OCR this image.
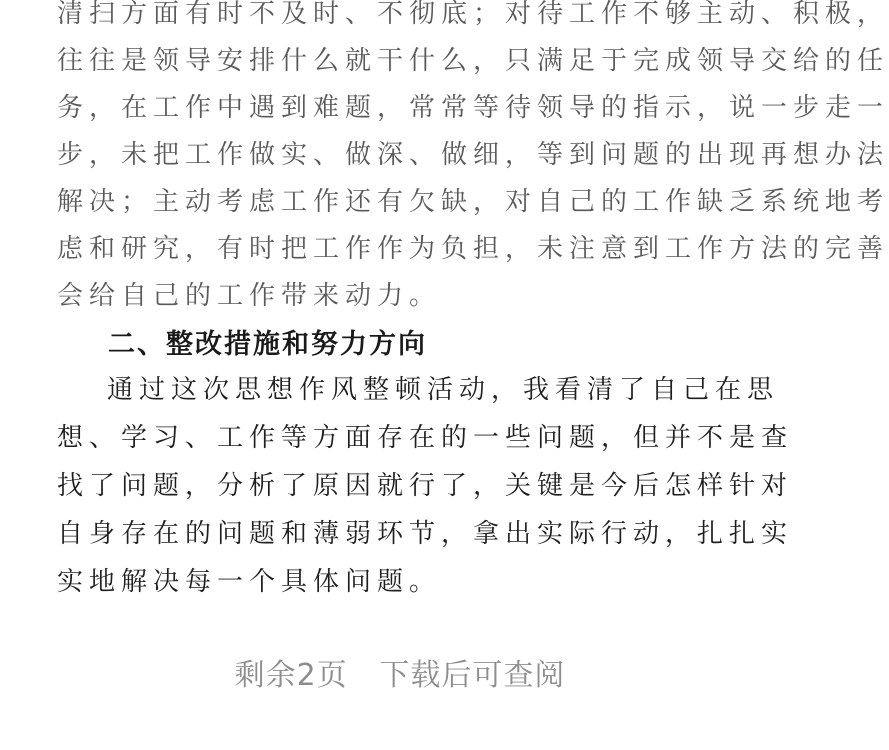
清扫方面有时不及时、不彻底；对待工作不够主动、积极，
往往是领导安排什么就干什么，只满足于完成领导交给的任
务，在工作中遇到难题，常常等待领导的指示，说一步走一
步，未把工作做实、做深、做细，等到问题的出现再想办法
解决；主动考虑工作还有欠缺，对自己的工作缺乏系统地考
虑和研究，有时把工作作为负担，未注意到工作方法的完善
会给自己的工作带来动力。
二、整改措施和努力方向
通过这次思想作风整顿活动，我看清了自己在思
想、学习、工作等方面存在的一些问题，但并不是查
找了问题，分析了原因就行了，关键是今后怎样针对
自身存在的问题和薄弱环节，拿出实际行动，扎扎实
实地解决每一个具体问题。
剩余2页   下载后可查阅
